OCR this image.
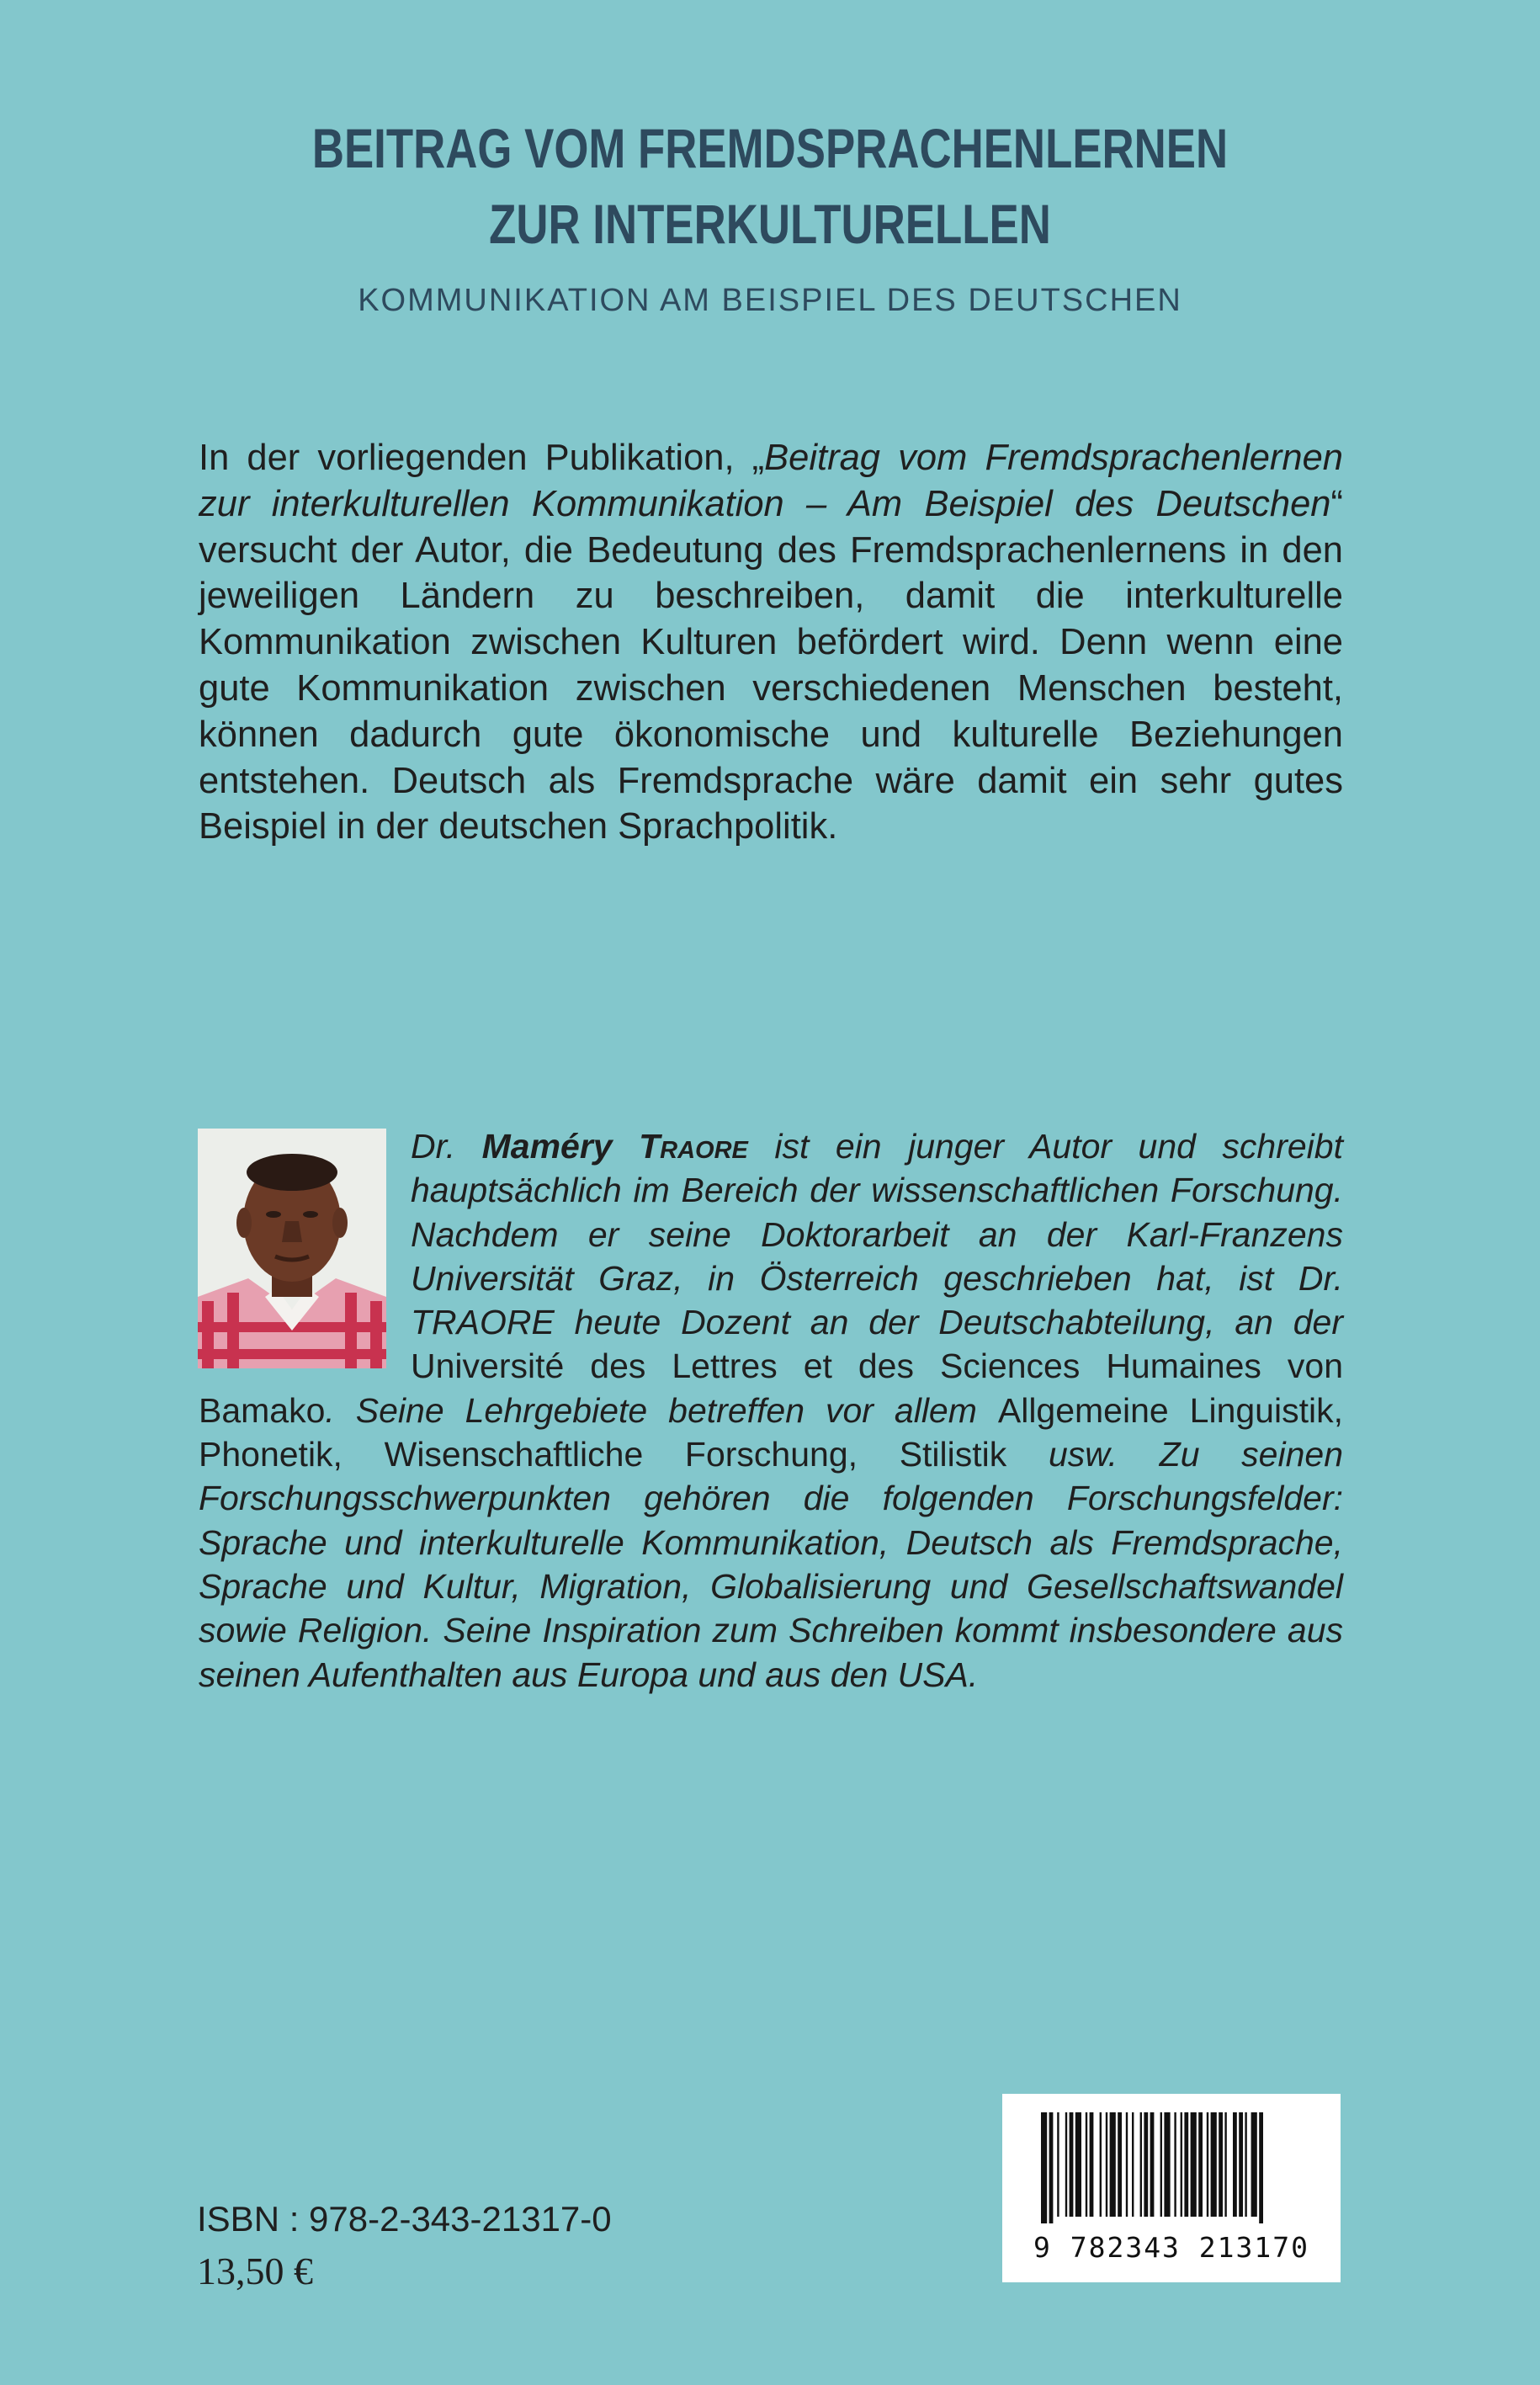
BEITRAG VOM FREMDSPRACHENLERNEN
ZUR INTERKULTURELLEN
KOMMUNIKATION AM BEISPIEL DES DEUTSCHEN

In der vorliegenden Publikation, „Beitrag vom Fremdsprachenlernen zur interkulturellen Kommunikation – Am Beispiel des Deutschen“ versucht der Autor, die Bedeutung des Fremdsprachenlernens in den jeweiligen Ländern zu beschreiben, damit die interkulturelle Kommunikation zwischen Kulturen befördert wird. Denn wenn eine gute Kommunikation zwischen verschiedenen Menschen besteht, können dadurch gute ökonomische und kulturelle Beziehungen entstehen. Deutsch als Fremdsprache wäre damit ein sehr gutes Beispiel in der deutschen Sprachpolitik.

Dr. Maméry Traore ist ein junger Autor und schreibt hauptsächlich im Bereich der wissenschaftlichen Forschung. Nachdem er seine Doktorarbeit an der Karl-Franzens Universität Graz, in Österreich geschrieben hat, ist Dr. TRAORE heute Dozent an der Deutschabteilung, an der Université des Lettres et des Sciences Humaines von Bamako. Seine Lehrgebiete betreffen vor allem Allgemeine Linguistik, Phonetik, Wisenschaftliche Forschung, Stilistik usw. Zu seinen Forschungsschwerpunkten gehören die folgenden Forschungsfelder: Sprache und interkulturelle Kommunikation, Deutsch als Fremdsprache, Sprache und Kultur, Migration, Globalisierung und Gesellschaftswandel sowie Religion. Seine Inspiration zum Schreiben kommt insbesondere aus seinen Aufenthalten aus Europa und aus den USA.

ISBN : 978-2-343-21317-0
13,50 €
9 782343 213170
